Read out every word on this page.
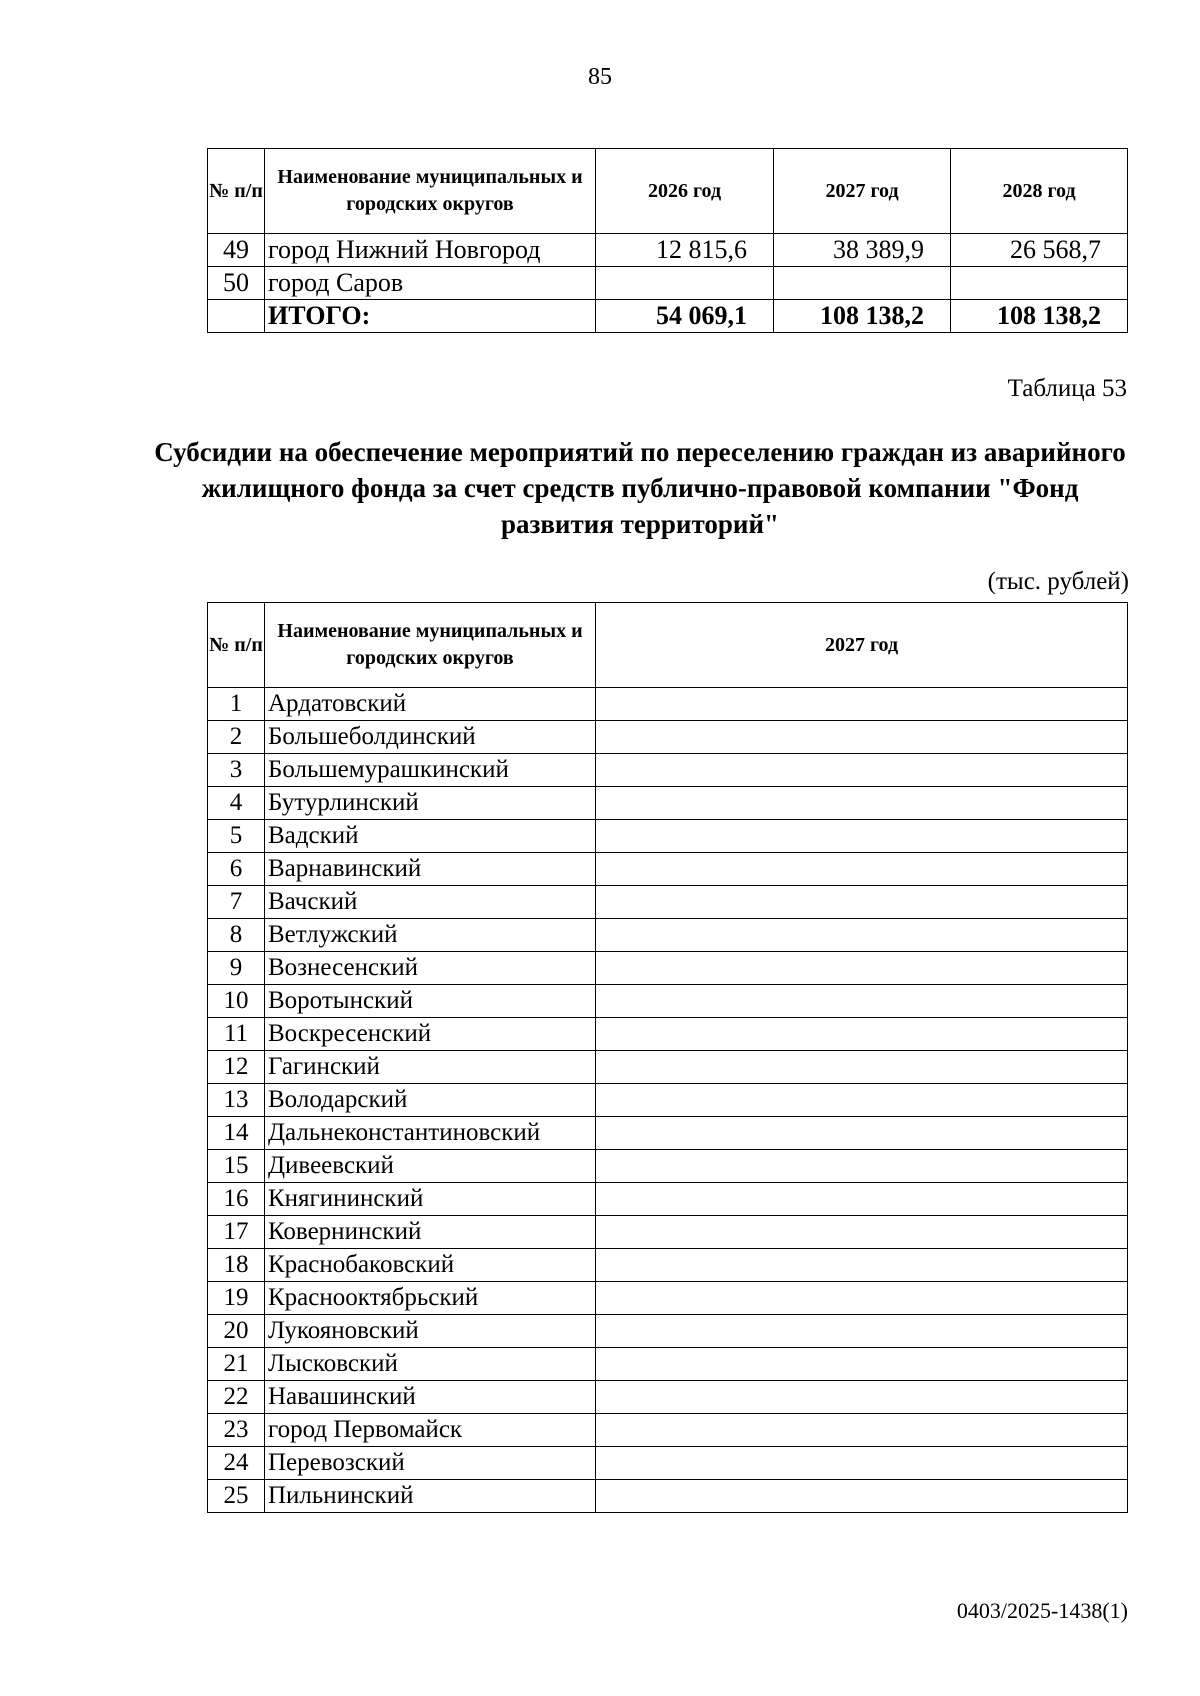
85
№ п/п	Наименование муниципальных и городских округов	2026 год	2027 год	2028 год
49	город Нижний Новгород	12 815,6	38 389,9	26 568,7
50	город Саров			
	ИТОГО:	54 069,1	108 138,2	108 138,2
Таблица 53
Субсидии на обеспечение мероприятий по переселению граждан из аварийного жилищного фонда за счет средств публично-правовой компании "Фонд развития территорий"
(тыс. рублей)
№ п/п	Наименование муниципальных и городских округов	2027 год
1	Ардатовский	
2	Большеболдинский	
3	Большемурашкинский	
4	Бутурлинский	
5	Вадский	
6	Варнавинский	
7	Вачский	
8	Ветлужский	
9	Вознесенский	
10	Воротынский	
11	Воскресенский	
12	Гагинский	
13	Володарский	
14	Дальнеконстантиновский	
15	Дивеевский	
16	Княгининский	
17	Ковернинский	
18	Краснобаковский	
19	Краснооктябрьский	
20	Лукояновский	
21	Лысковский	
22	Навашинский	
23	город Первомайск	
24	Перевозский	
25	Пильнинский	
0403/2025-1438(1)
